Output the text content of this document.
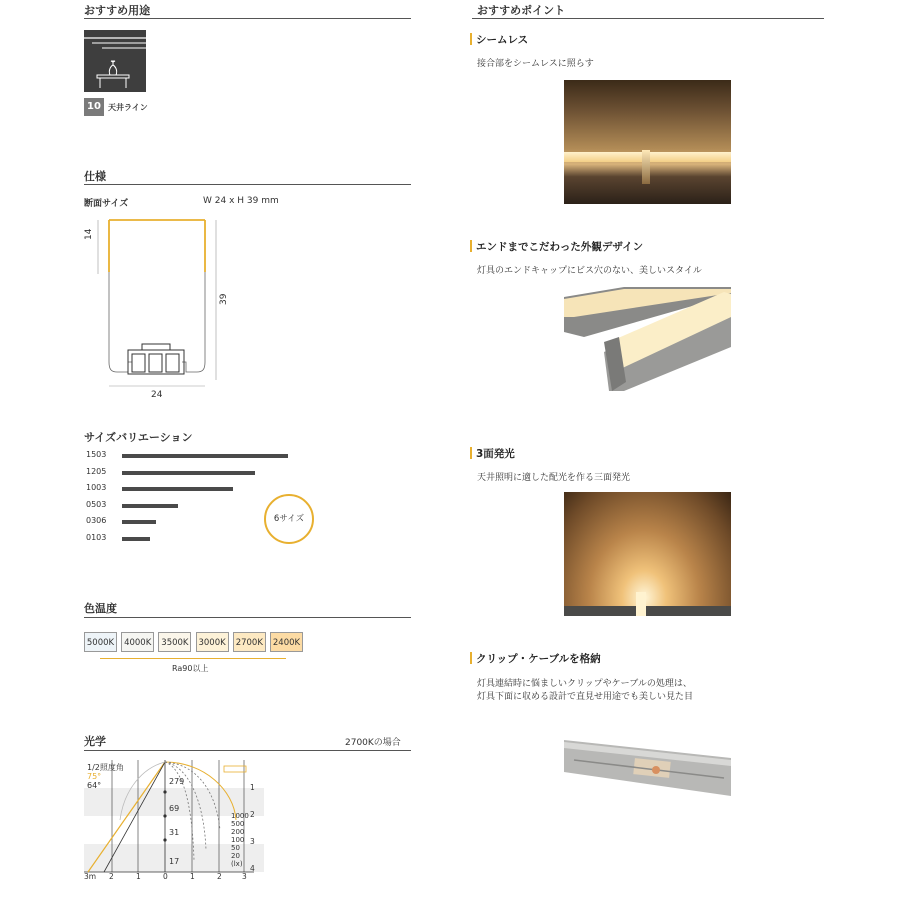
おすすめ用途
10 天井ライン
仕様
断面サイズ	W 24 x H 39 mm
14
39
24
サイズバリエーション
1503
1205
1003
0503
0306
0103
6サイズ
色温度
5000K	4000K	3500K	3000K	2700K	2400K
Ra90以上
光学	2700Kの場合
1/2照度角
75°
64°	279
69
31
17
1000
500
200
100
50
20
(lx)
1
2
3
4
3m 2	1	0	1	2	3
おすすめポイント
シームレス
接合部をシームレスに照らす
エンドまでこだわった外観デザイン
灯具のエンドキャップにビス穴のない、美しいスタイル
3面発光
天井照明に適した配光を作る三面発光
クリップ・ケーブルを格納
灯具連結時に悩ましいクリップやケーブルの処理は、
灯具下面に収める設計で直見せ用途でも美しい見た目
